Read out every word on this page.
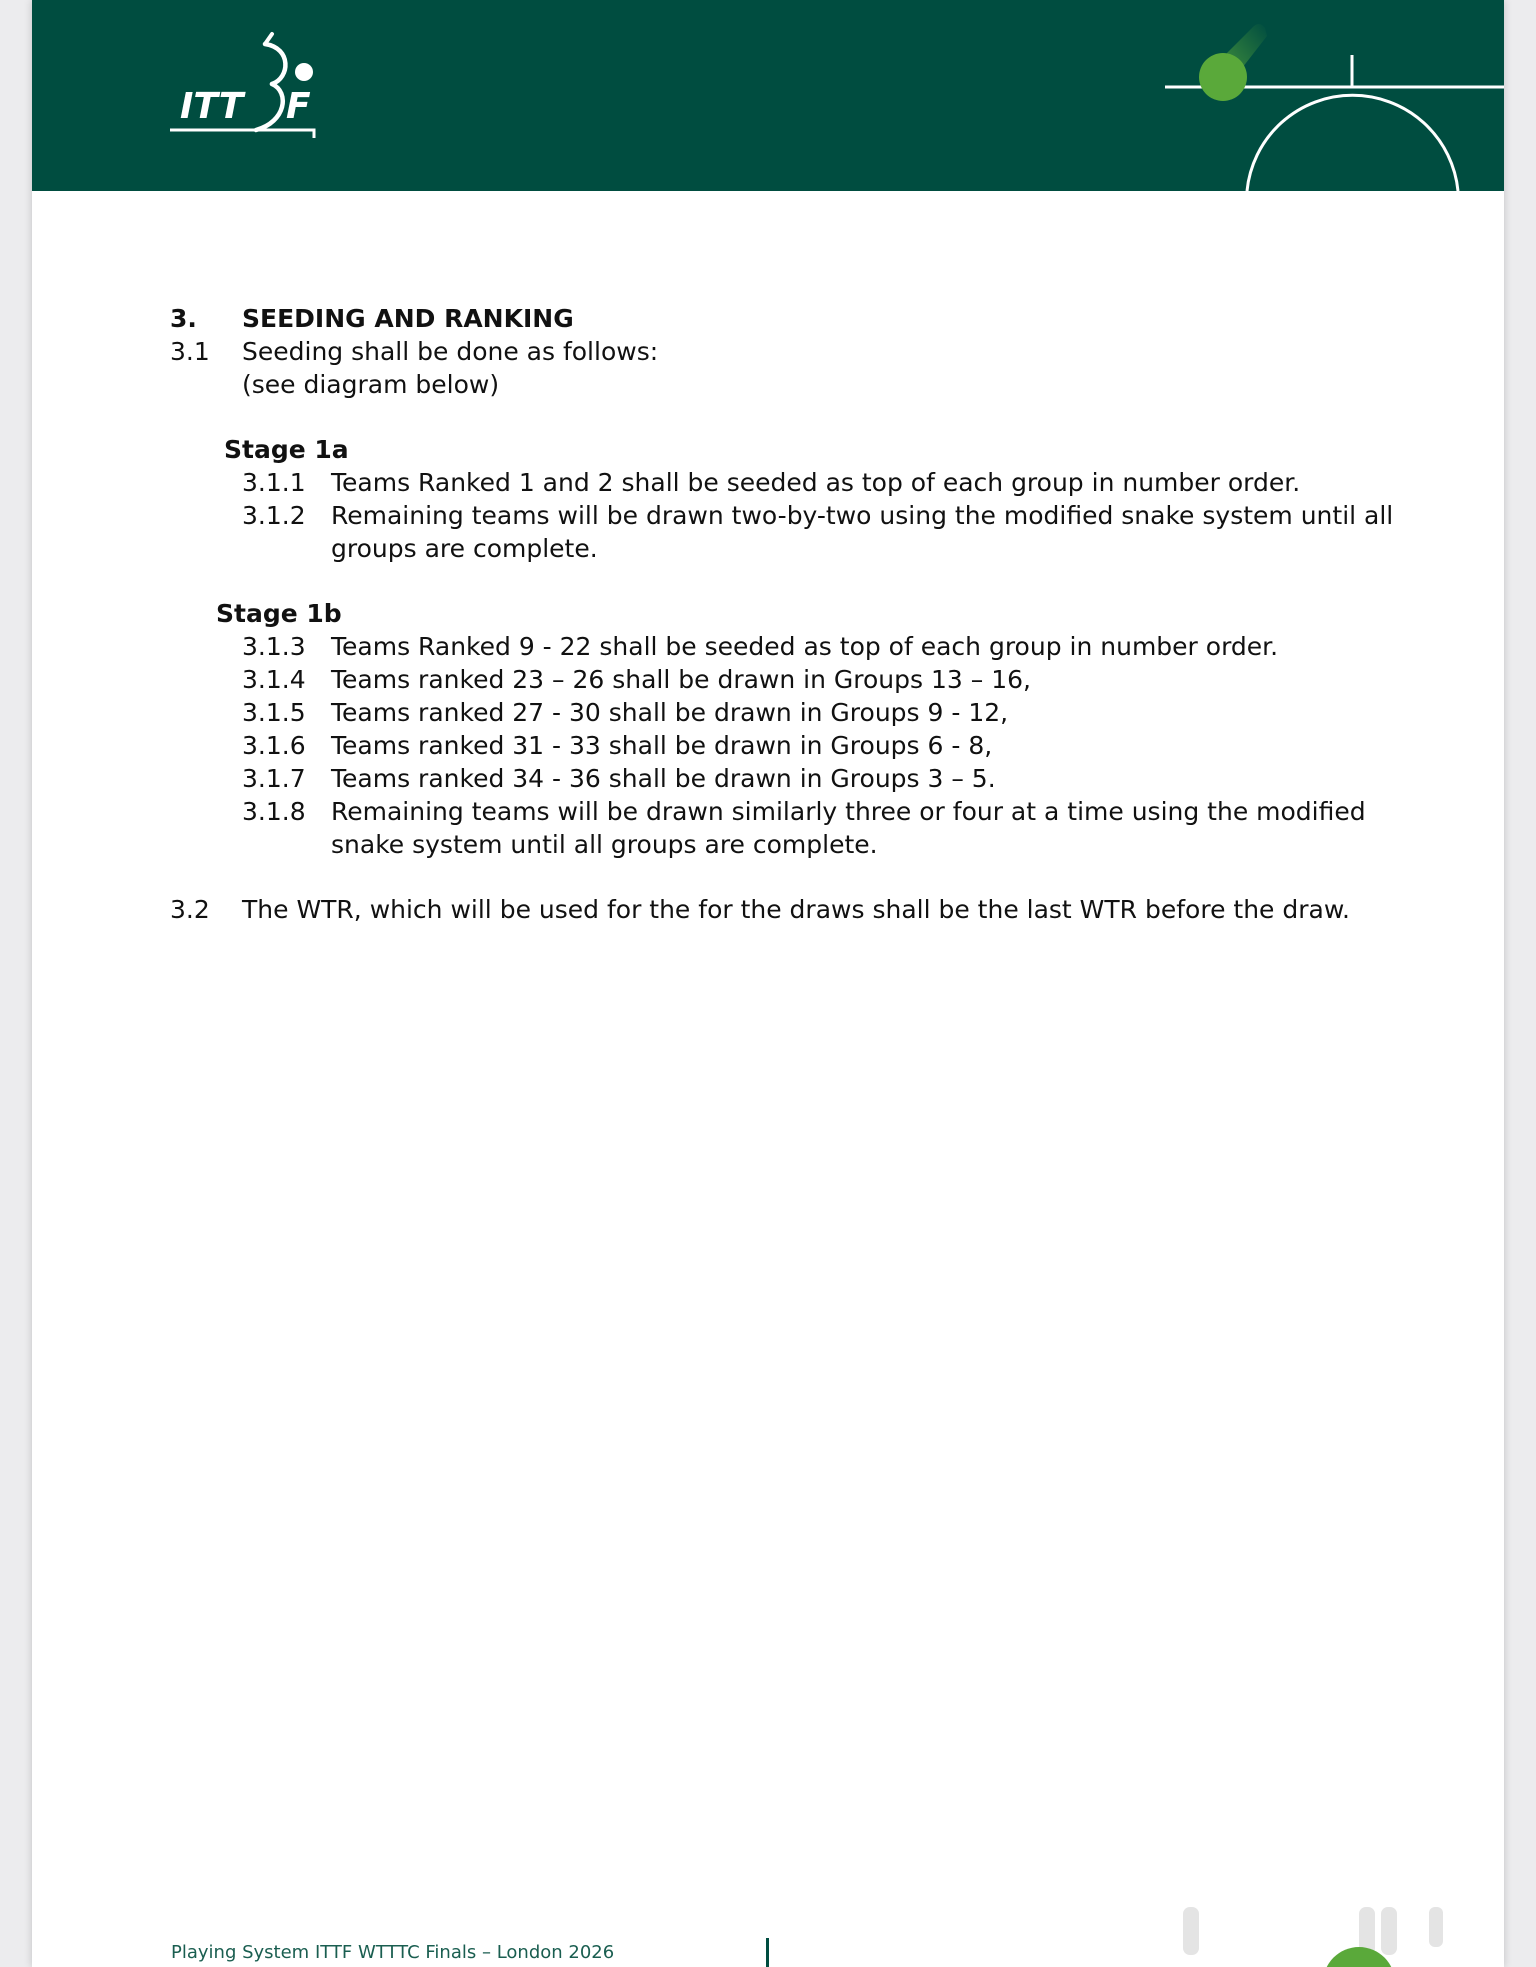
ITT F
3. SEEDING AND RANKING
3.1 Seeding shall be done as follows:
(see diagram below)
Stage 1a
3.1.1 Teams Ranked 1 and 2 shall be seeded as top of each group in number order.
3.1.2 Remaining teams will be drawn two-by-two using the modified snake system until all
groups are complete.
Stage 1b
3.1.3 Teams Ranked 9 - 22 shall be seeded as top of each group in number order.
3.1.4 Teams ranked 23 – 26 shall be drawn in Groups 13 – 16,
3.1.5 Teams ranked 27 - 30 shall be drawn in Groups 9 - 12,
3.1.6 Teams ranked 31 - 33 shall be drawn in Groups 6 - 8,
3.1.7 Teams ranked 34 - 36 shall be drawn in Groups 3 – 5.
3.1.8 Remaining teams will be drawn similarly three or four at a time using the modified
snake system until all groups are complete.
3.2 The WTR, which will be used for the for the draws shall be the last WTR before the draw.
Playing System ITTF WTTTC Finals – London 2026
